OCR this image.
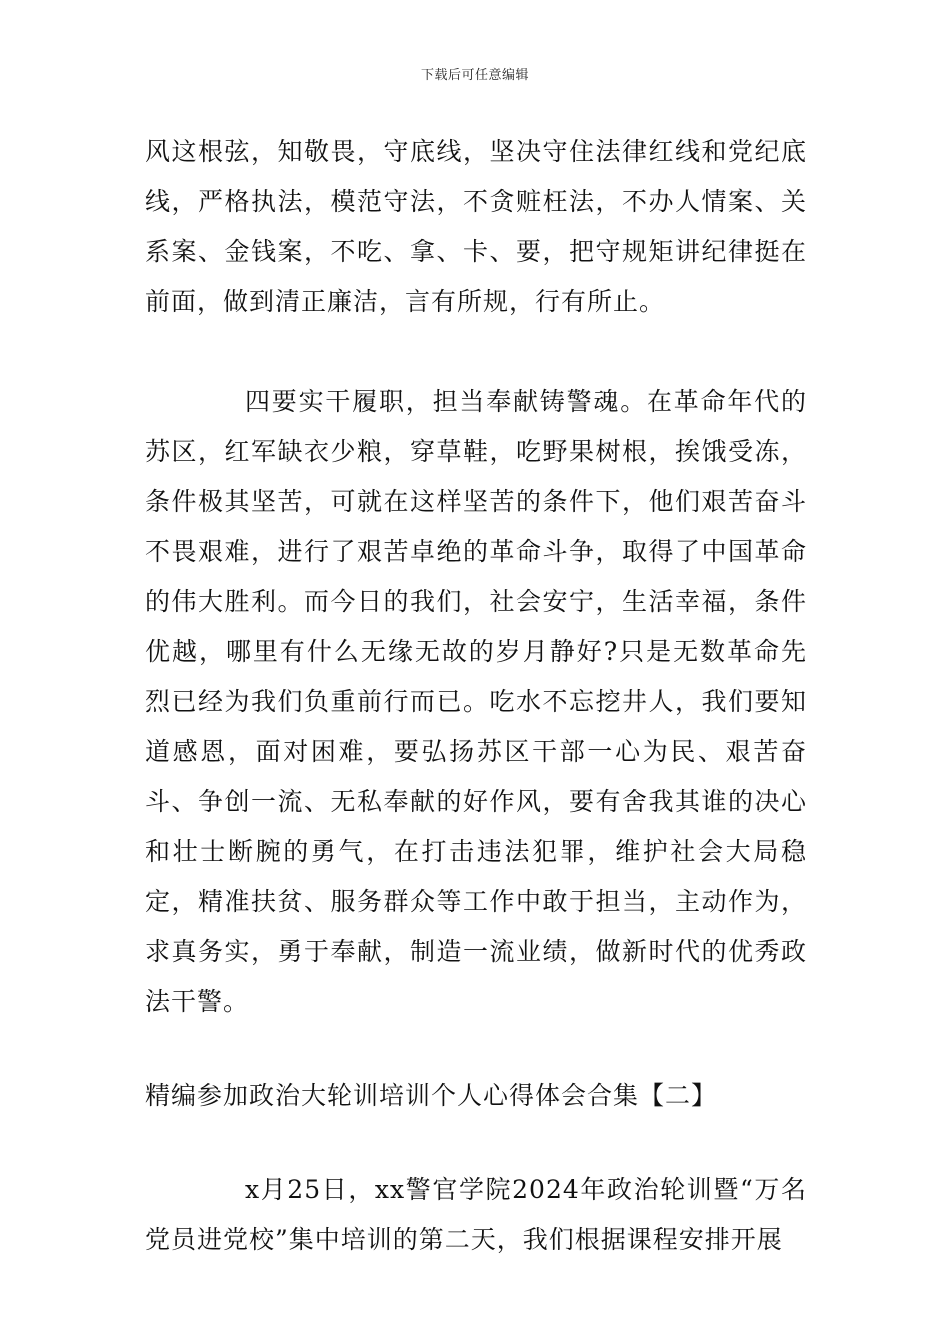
下载后可任意编辑

风这根弦，知敬畏，守底线，坚决守住法律红线和党纪底线，严格执法，模范守法，不贪赃枉法，不办人情案、关系案、金钱案，不吃、拿、卡、要，把守规矩讲纪律挺在前面，做到清正廉洁，言有所规，行有所止。

四要实干履职，担当奉献铸警魂。在革命年代的苏区，红军缺衣少粮，穿草鞋，吃野果树根，挨饿受冻，条件极其坚苦，可就在这样坚苦的条件下，他们艰苦奋斗不畏艰难，进行了艰苦卓绝的革命斗争，取得了中国革命的伟大胜利。而今日的我们，社会安宁，生活幸福，条件优越，哪里有什么无缘无故的岁月静好?只是无数革命先烈已经为我们负重前行而已。吃水不忘挖井人，我们要知道感恩，面对困难，要弘扬苏区干部一心为民、艰苦奋斗、争创一流、无私奉献的好作风，要有舍我其谁的决心和壮士断腕的勇气，在打击违法犯罪，维护社会大局稳定，精准扶贫、服务群众等工作中敢于担当，主动作为，求真务实，勇于奉献，制造一流业绩，做新时代的优秀政法干警。

精编参加政治大轮训培训个人心得体会合集【二】

x月25日，xx警官学院2024年政治轮训暨“万名党员进党校”集中培训的第二天，我们根据课程安排开展
